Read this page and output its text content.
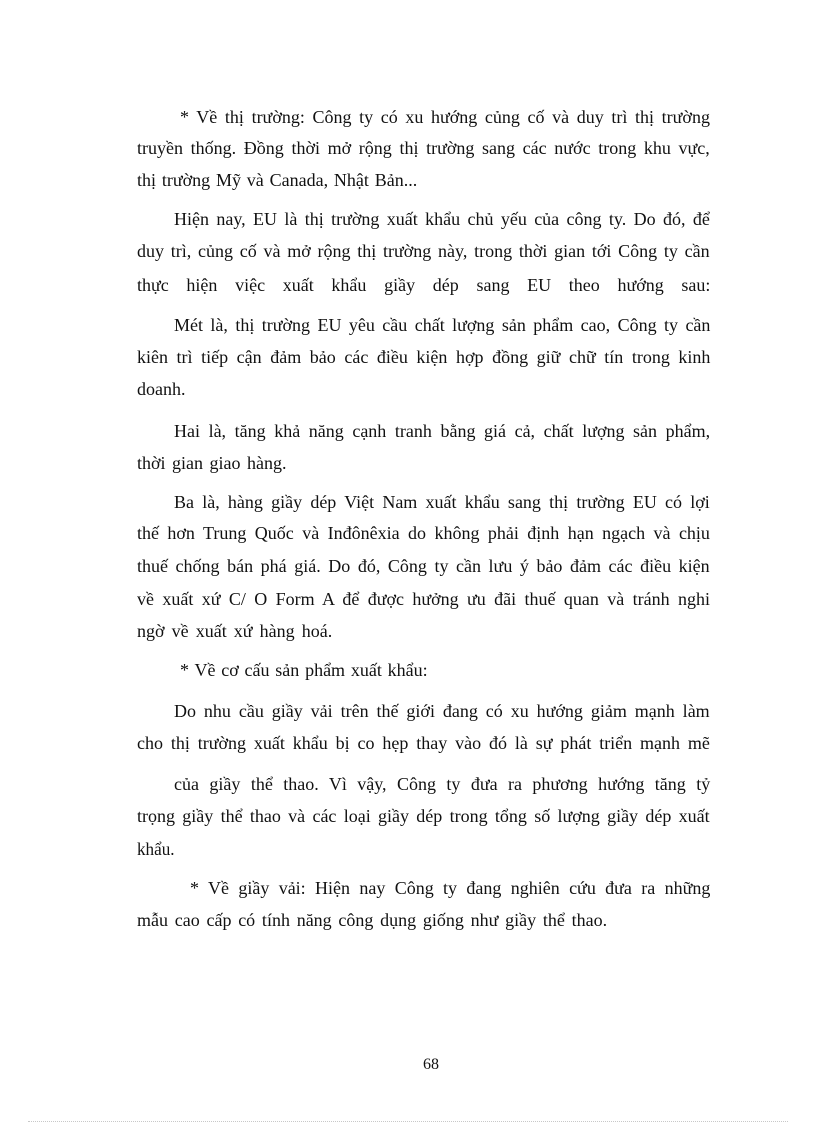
* Về thị trường: Công ty có xu hướng củng cố và duy trì thị trường
truyền thống. Đồng thời mở rộng thị trường sang các nước trong khu vực,
thị trường Mỹ và Canada, Nhật Bản...
Hiện nay, EU là thị trường xuất khẩu chủ yếu của công ty. Do đó, để
duy trì, củng cố và mở rộng thị trường này, trong thời gian tới Công ty cần
thực hiện việc xuất khẩu giầy dép sang EU theo hướng sau:
Mét là, thị trường EU yêu cầu chất lượng sản phẩm cao, Công ty cần
kiên trì tiếp cận đảm bảo các điều kiện hợp đồng giữ chữ tín trong kinh
doanh.
Hai là, tăng khả năng cạnh tranh bằng giá cả, chất lượng sản phẩm,
thời gian giao hàng.
Ba là, hàng giầy dép Việt Nam xuất khẩu sang thị trường EU có lợi
thế hơn Trung Quốc và Inđônêxia do không phải định hạn ngạch và chịu
thuế chống bán phá giá. Do đó, Công ty cần lưu ý bảo đảm các điều kiện
về xuất xứ C/ O Form A để được hưởng ưu đãi thuế quan và tránh nghi
ngờ về xuất xứ hàng hoá.
* Về cơ cấu sản phẩm xuất khẩu:
Do nhu cầu giầy vải trên thế giới đang có xu hướng giảm mạnh làm
cho thị trường xuất khẩu bị co hẹp thay vào đó là sự phát triển mạnh mẽ
của giầy thể thao. Vì vậy, Công ty đưa ra phương hướng tăng tỷ
trọng giầy thể thao và các loại giầy dép trong tổng số lượng giầy dép xuất
khẩu.
* Về giầy vải: Hiện nay Công ty đang nghiên cứu đưa ra những
mẫu cao cấp có tính năng công dụng giống như giầy thể thao.
68
